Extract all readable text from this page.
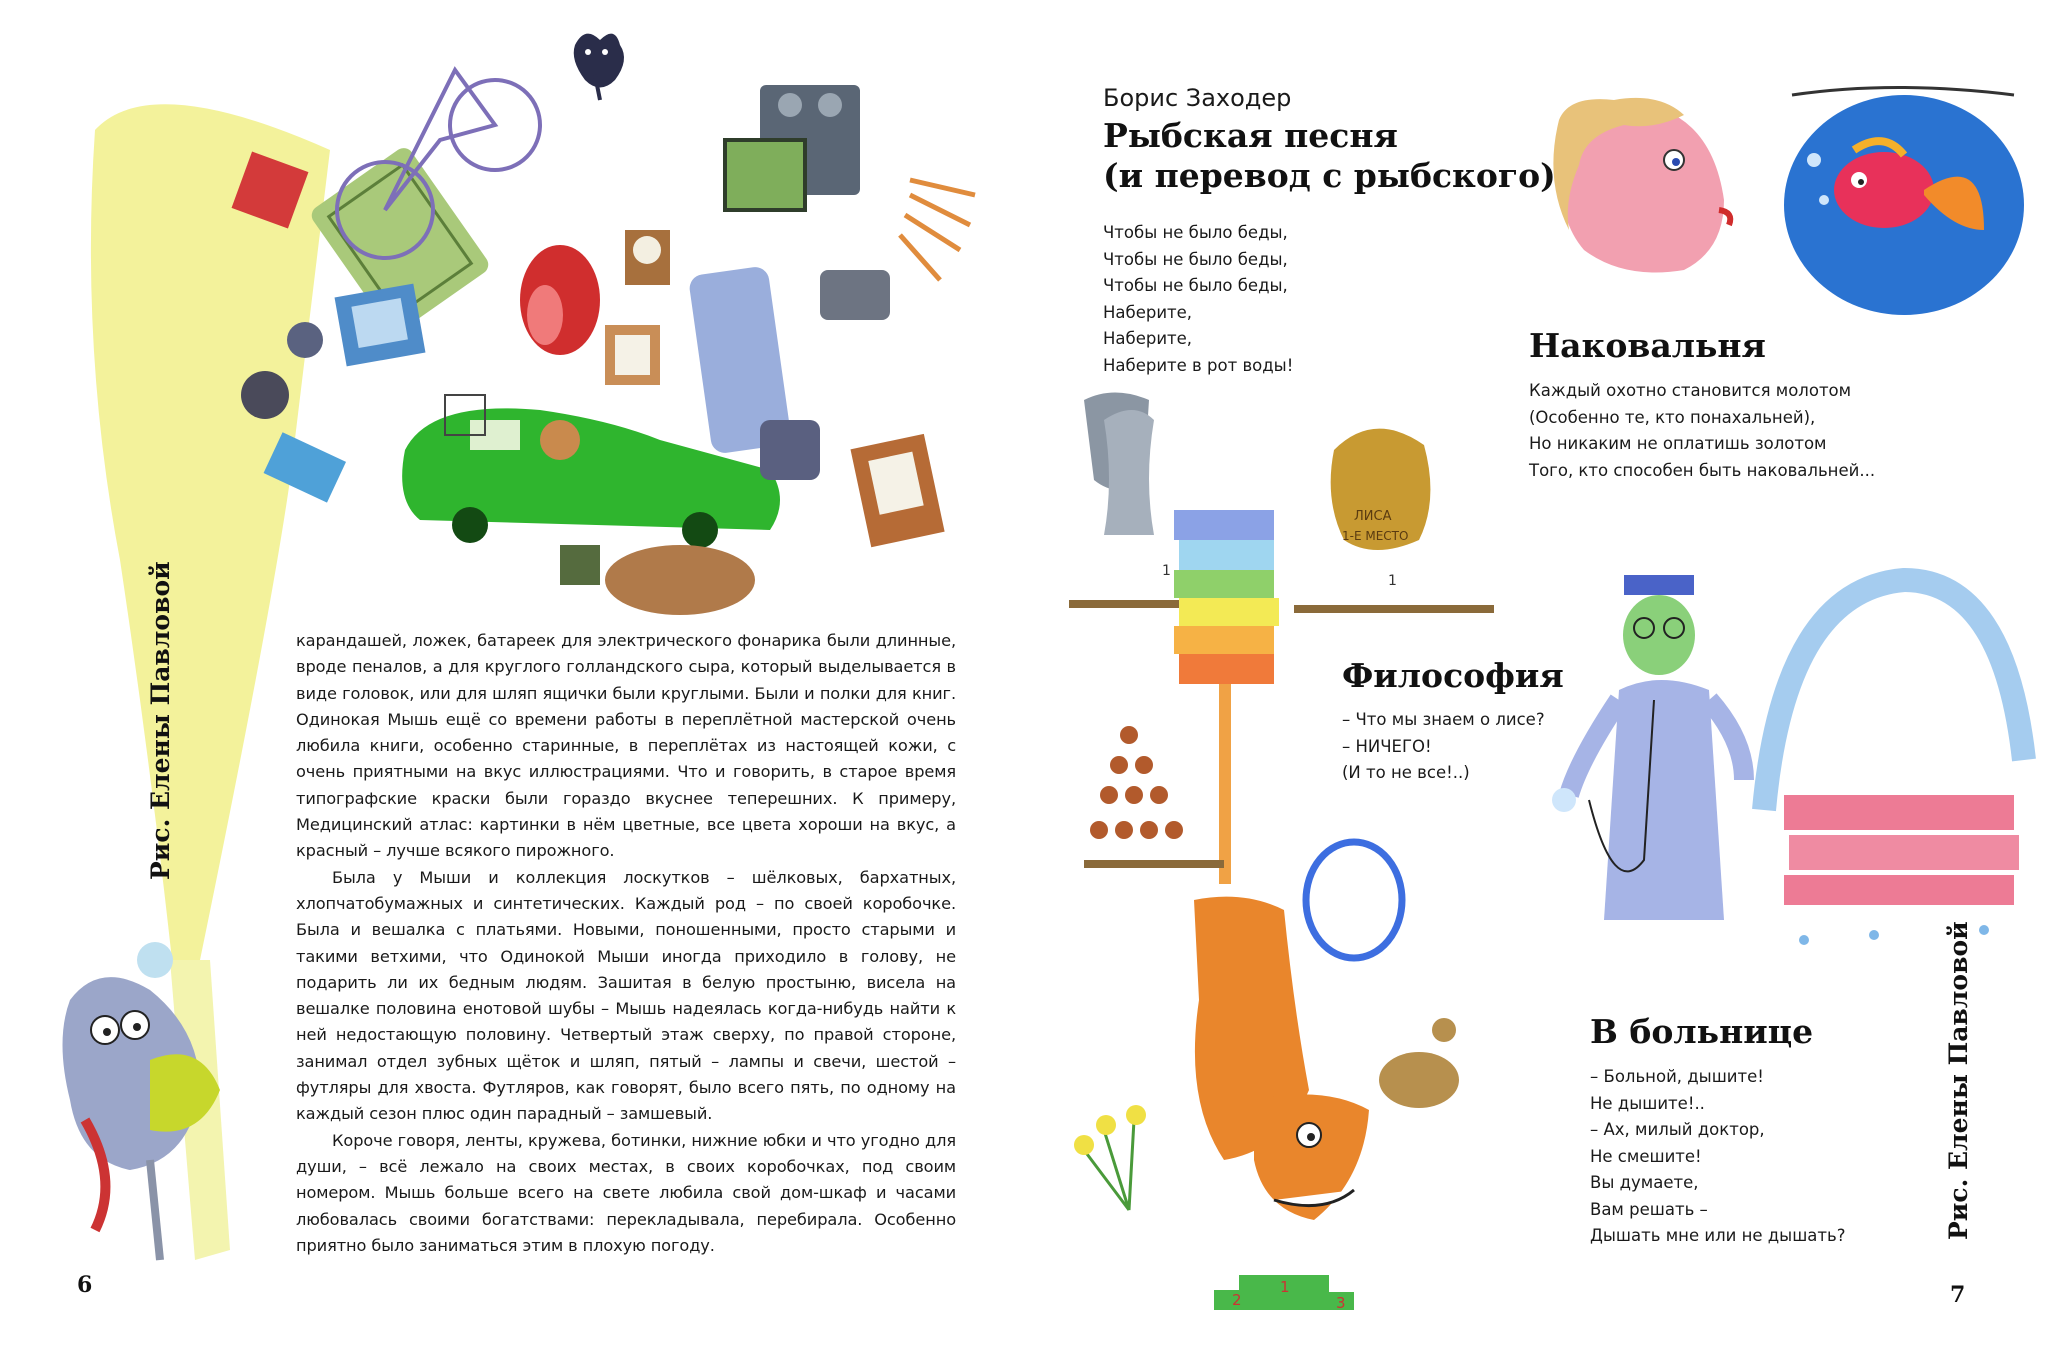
Рис. Елены Павловой	карандашей, ложек, батареек для электрического фонарика были длинные, вроде пеналов, а для круглого голландского сыра, который выделывается в виде головок, или для шляп ящички были круглыми. Были и полки для книг. Одинокая Мышь ещё со времени работы в переплётной мастерской очень любила книги, особенно старинные, в переплётах из настоящей кожи, с очень приятными на вкус иллюстрациями. Что и говорить, в старое время типографские краски были гораздо вкуснее теперешних. К примеру, Медицинский атлас: картинки в нём цветные, все цвета хороши на вкус, а красный – лучше всякого пирожного.

Была у Мыши и коллекция лоскутков – шёлковых, бархатных, хлопчатобумажных и синтетических. Каждый род – по своей коробочке. Была и вешалка с платьями. Новыми, поношенными, просто старыми и такими ветхими, что Одинокой Мыши иногда приходило в голову, не подарить ли их бедным людям. Зашитая в белую простыню, висела на вешалке половина енотовой шубы – Мышь надеялась когда-нибудь найти к ней недостающую половину. Четвертый этаж сверху, по правой стороне, занимал отдел зубных щёток и шляп, пятый – лампы и свечи, шестой – футляры для хвоста. Футляров, как говорят, было всего пять, по одному на каждый сезон плюс один парадный – замшевый.

Короче говоря, ленты, кружева, ботинки, нижние юбки и что угодно для души, – всё лежало на своих местах, в своих коробочках, под своим номером. Мышь больше всего на свете любила свой дом-шкаф и часами любовалась своими богатствами: перекладывала, перебирала. Особенно приятно было заниматься этим в плохую погоду.

6
ЛИСА
1-Е МЕСТО
Борис Заходер
Рыбская песня
(и перевод с рыбского)
Чтобы не было беды,
Чтобы не было беды,
Чтобы не было беды,
Наберите,
Наберите,
Наберите в рот воды!	Наковальня
Каждый охотно становится молотом
(Особенно те, кто понахальней),
Но никаким не оплатишь золотом
Того, кто способен быть наковальней...
Философия
– Что мы знаем о лисе?
– НИЧЕГО!
(И то не все!..)
В больнице
– Больной, дышите!
Не дышите!..
– Ах, милый доктор,
Не смешите!
Вы думаете,
Вам решать –
Дышать мне или не дышать?	Рис. Елены Павловой
1
1
2
1
3	7
